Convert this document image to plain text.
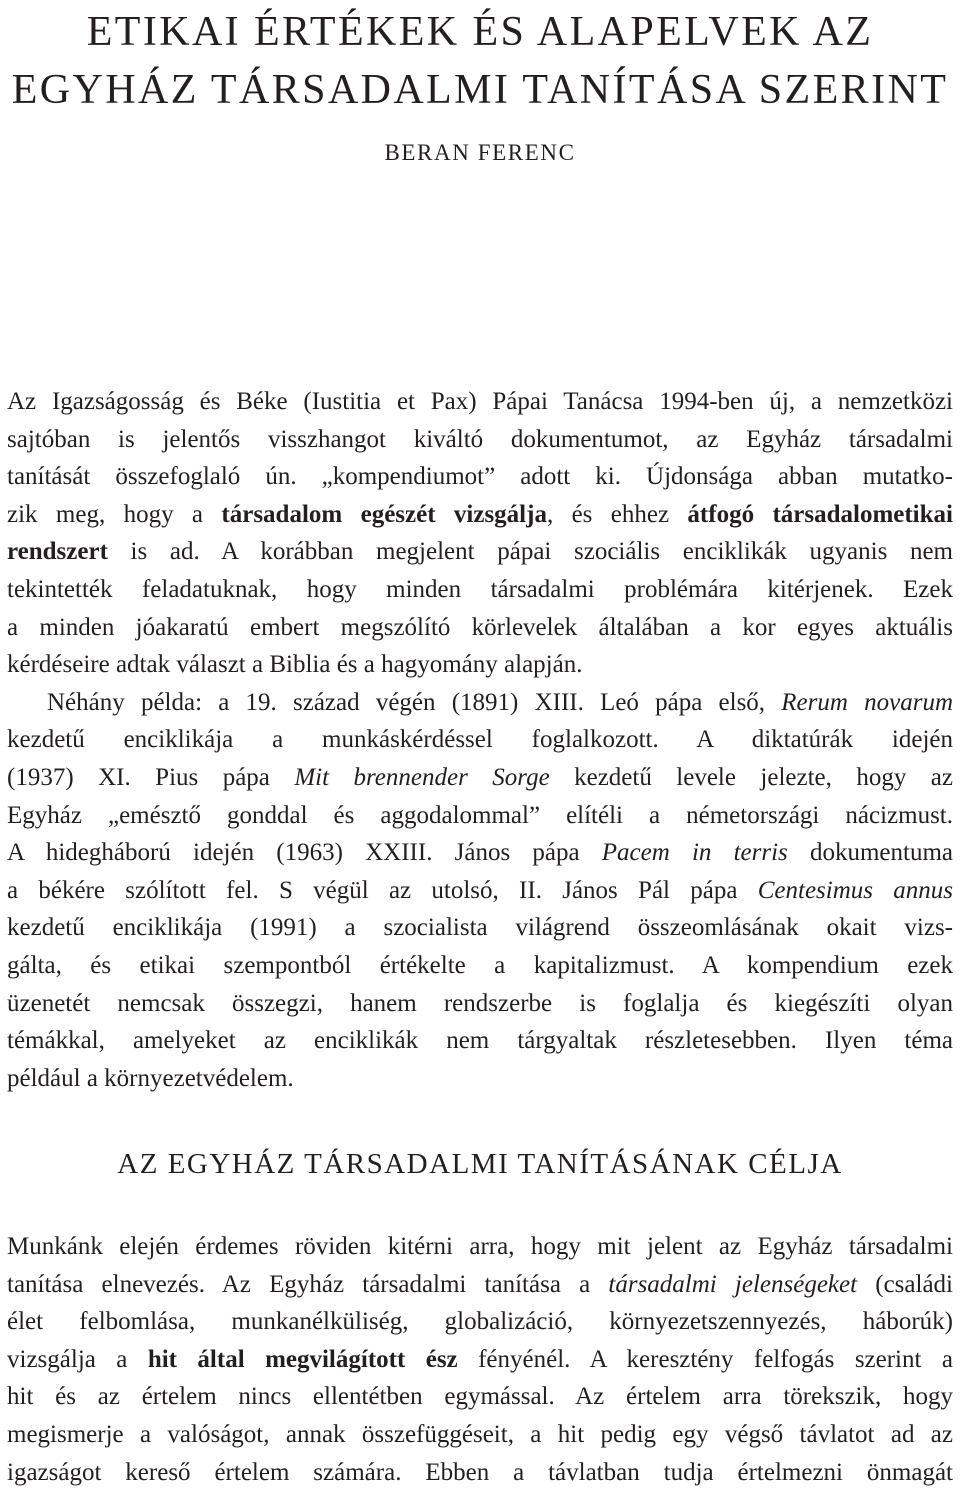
ETIKAI ÉRTÉKEK ÉS ALAPELVEK AZ
EGYHÁZ TÁRSADALMI TANÍTÁSA SZERINT
BERAN FERENC
Az Igazságosság és Béke (Iustitia et Pax) Pápai Tanácsa 1994-ben új, a nemzetközi
sajtóban is jelentős visszhangot kiváltó dokumentumot, az Egyház társadalmi
tanítását összefoglaló ún. „kompendiumot” adott ki. Újdonsága abban mutatko-
zik meg, hogy a társadalom egészét vizsgálja, és ehhez átfogó társadalometikai
rendszert is ad. A korábban megjelent pápai szociális enciklikák ugyanis nem
tekintették feladatuknak, hogy minden társadalmi problémára kitérjenek. Ezek
a minden jóakaratú embert megszólító körlevelek általában a kor egyes aktuális
kérdéseire adtak választ a Biblia és a hagyomány alapján.
Néhány példa: a 19. század végén (1891) XIII. Leó pápa első, Rerum novarum
kezdetű enciklikája a munkáskérdéssel foglalkozott. A diktatúrák idején
(1937) XI. Pius pápa Mit brennender Sorge kezdetű levele jelezte, hogy az
Egyház „emésztő gonddal és aggodalommal” elítéli a németországi nácizmust.
A hidegháború idején (1963) XXIII. János pápa Pacem in terris dokumentuma
a békére szólított fel. S végül az utolsó, II. János Pál pápa Centesimus annus
kezdetű enciklikája (1991) a szocialista világrend összeomlásának okait vizs-
gálta, és etikai szempontból értékelte a kapitalizmust. A kompendium ezek
üzenetét nemcsak összegzi, hanem rendszerbe is foglalja és kiegészíti olyan
témákkal, amelyeket az enciklikák nem tárgyaltak részletesebben. Ilyen téma
például a környezetvédelem.
AZ EGYHÁZ TÁRSADALMI TANÍTÁSÁNAK CÉLJA
Munkánk elején érdemes röviden kitérni arra, hogy mit jelent az Egyház társadalmi
tanítása elnevezés. Az Egyház társadalmi tanítása a társadalmi jelenségeket (családi
élet felbomlása, munkanélküliség, globalizáció, környezetszennyezés, háborúk)
vizsgálja a hit által megvilágított ész fényénél. A keresztény felfogás szerint a
hit és az értelem nincs ellentétben egymással. Az értelem arra törekszik, hogy
megismerje a valóságot, annak összefüggéseit, a hit pedig egy végső távlatot ad az
igazságot kereső értelem számára. Ebben a távlatban tudja értelmezni önmagát
